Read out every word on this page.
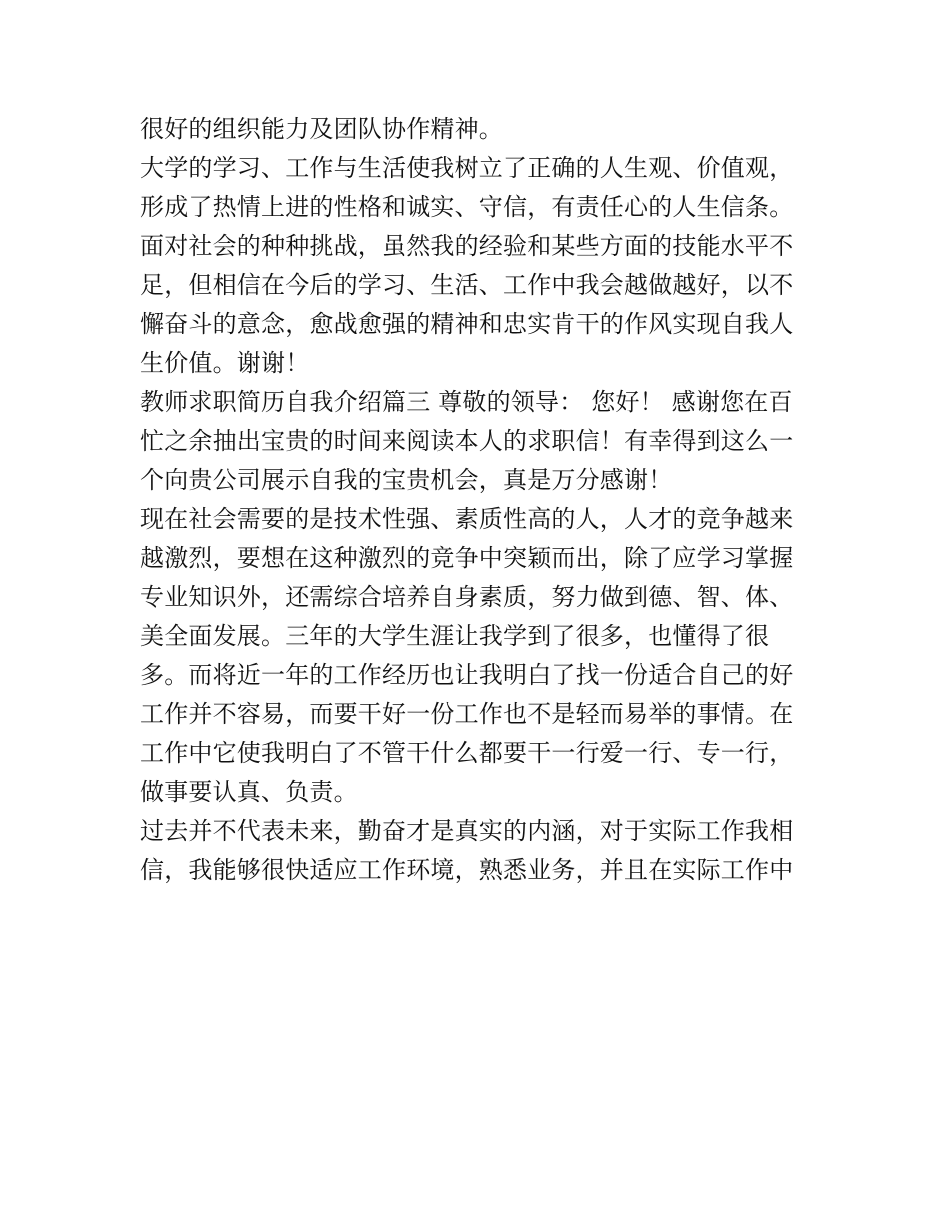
很好的组织能力及团队协作精神。
大学的学习、工作与生活使我树立了正确的人生观、价值观，
形成了热情上进的性格和诚实、守信，有责任心的人生信条。
面对社会的种种挑战，虽然我的经验和某些方面的技能水平不
足，但相信在今后的学习、生活、工作中我会越做越好，以不
懈奋斗的意念，愈战愈强的精神和忠实肯干的作风实现自我人
生价值。谢谢！
教师求职简历自我介绍篇三 尊敬的领导： 您好！ 感谢您在百
忙之余抽出宝贵的时间来阅读本人的求职信！有幸得到这么一
个向贵公司展示自我的宝贵机会，真是万分感谢！
现在社会需要的是技术性强、素质性高的人，人才的竞争越来
越激烈，要想在这种激烈的竞争中突颖而出，除了应学习掌握
专业知识外，还需综合培养自身素质，努力做到德、智、体、
美全面发展。三年的大学生涯让我学到了很多，也懂得了很
多。而将近一年的工作经历也让我明白了找一份适合自己的好
工作并不容易，而要干好一份工作也不是轻而易举的事情。在
工作中它使我明白了不管干什么都要干一行爱一行、专一行，
做事要认真、负责。
过去并不代表未来，勤奋才是真实的内涵，对于实际工作我相
信，我能够很快适应工作环境，熟悉业务，并且在实际工作中
